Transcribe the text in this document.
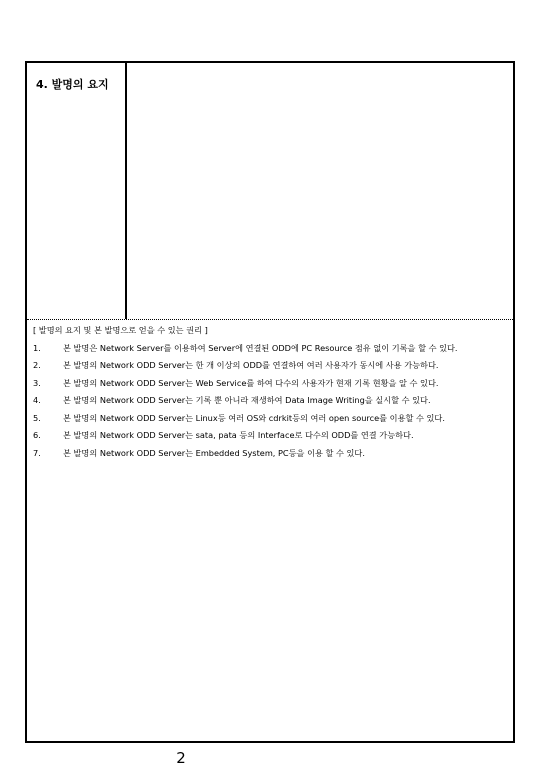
4. 발명의 요지
[ 발명의 요지 및 본 발명으로 얻을 수 있는 권리 ]
1.	본 발명은 Network Server를 이용하여 Server에 연결된 ODD에 PC Resource 점유 없이 기록을 할 수 있다.
2.	본 발명의 Network ODD Server는 한 개 이상의 ODD를 연결하여 여러 사용자가 동시에 사용 가능하다.
3.	본 발명의 Network ODD Server는 Web Service를 하여 다수의 사용자가 현재 기록 현황을 알 수 있다.
4.	본 발명의 Network ODD Server는 기록 뿐 아니라 재생하여 Data Image Writing을 실시할 수 있다.
5.	본 발명의 Network ODD Server는 Linux등 여러 OS와 cdrkit등의 여러 open source를 이용할 수 있다.
6.	본 발명의 Network ODD Server는 sata, pata 등의 Interface로 다수의 ODD를 연결 가능하다.
7.	본 발명의 Network ODD Server는 Embedded System, PC등을 이용 할 수 있다.
2
